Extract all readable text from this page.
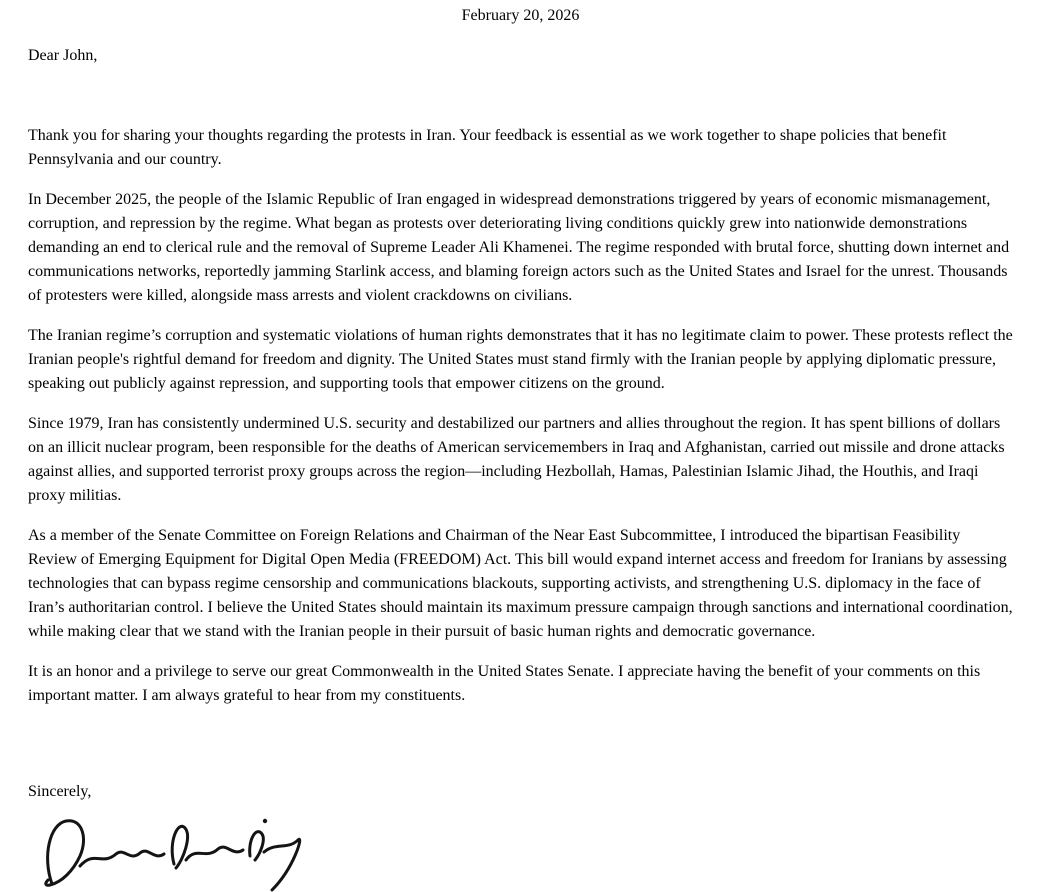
February 20, 2026

Dear John,

Thank you for sharing your thoughts regarding the protests in Iran. Your feedback is essential as we work together to shape policies that benefit Pennsylvania and our country.

In December 2025, the people of the Islamic Republic of Iran engaged in widespread demonstrations triggered by years of economic mismanagement, corruption, and repression by the regime. What began as protests over deteriorating living conditions quickly grew into nationwide demonstrations demanding an end to clerical rule and the removal of Supreme Leader Ali Khamenei. The regime responded with brutal force, shutting down internet and communications networks, reportedly jamming Starlink access, and blaming foreign actors such as the United States and Israel for the unrest. Thousands of protesters were killed, alongside mass arrests and violent crackdowns on civilians.

The Iranian regime’s corruption and systematic violations of human rights demonstrates that it has no legitimate claim to power. These protests reflect the Iranian people's rightful demand for freedom and dignity. The United States must stand firmly with the Iranian people by applying diplomatic pressure, speaking out publicly against repression, and supporting tools that empower citizens on the ground.

Since 1979, Iran has consistently undermined U.S. security and destabilized our partners and allies throughout the region. It has spent billions of dollars on an illicit nuclear program, been responsible for the deaths of American servicemembers in Iraq and Afghanistan, carried out missile and drone attacks against allies, and supported terrorist proxy groups across the region—including Hezbollah, Hamas, Palestinian Islamic Jihad, the Houthis, and Iraqi proxy militias.

As a member of the Senate Committee on Foreign Relations and Chairman of the Near East Subcommittee, I introduced the bipartisan Feasibility Review of Emerging Equipment for Digital Open Media (FREEDOM) Act. This bill would expand internet access and freedom for Iranians by assessing technologies that can bypass regime censorship and communications blackouts, supporting activists, and strengthening U.S. diplomacy in the face of Iran’s authoritarian control. I believe the United States should maintain its maximum pressure campaign through sanctions and international coordination, while making clear that we stand with the Iranian people in their pursuit of basic human rights and democratic governance.

It is an honor and a privilege to serve our great Commonwealth in the United States Senate. I appreciate having the benefit of your comments on this important matter. I am always grateful to hear from my constituents.

Sincerely,
